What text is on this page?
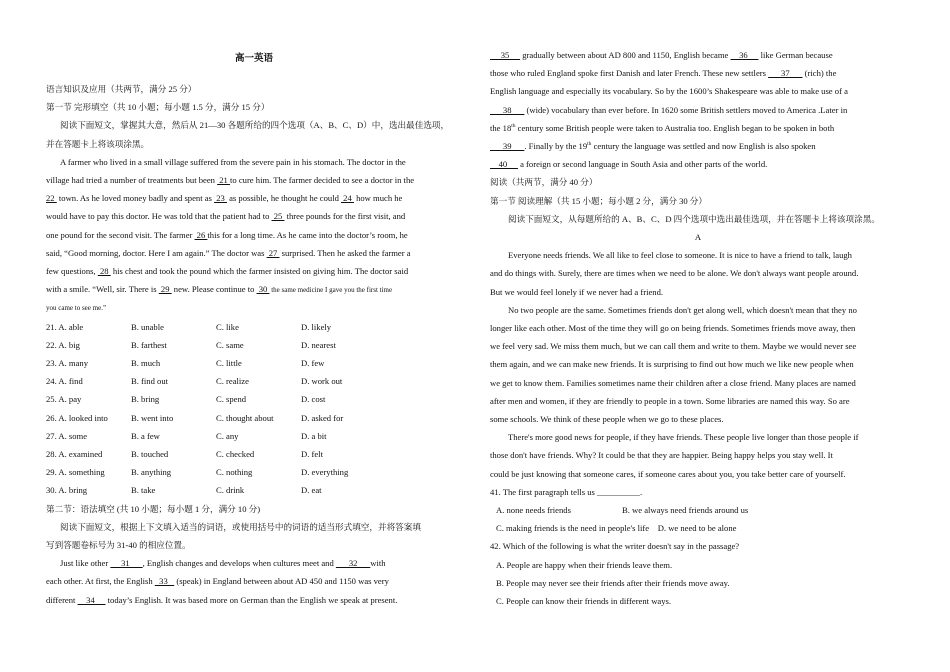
高一英语

语言知识及应用（共两节，满分 25 分）

第一节 完形填空（共 10 小题；每小题 1.5 分，满分 15 分）

阅读下面短文，掌握其大意，然后从 21—30 各题所给的四个选项（A、B、C、D）中，选出最佳选项，

并在答题卡上将该项涂黑。

A farmer who lived in a small village suffered from the severe pain in his stomach. The doctor in the

village had tried a number of treatments but been  21 to cure him. The farmer decided to see a doctor in the

22  town. As he loved money badly and spent as  23  as possible, he thought he could  24  how much he

would have to pay this doctor. He was told that the patient had to  25  three pounds for the first visit, and

one pound for the second visit. The farmer  26 this for a long time. As he came into the doctor’s room, he

said, “Good morning, doctor. Here I am again.” The doctor was  27  surprised. Then he asked the farmer a

few questions,  28  his chest and took the pound which the farmer insisted on giving him. The doctor said

with a smile. “Well, sir. There is  29  new. Please continue to  30  the same medicine I gave you the first time

you came to see me.”

21. A. able	B. unable	C. like	D. likely
22. A. big	B. farthest	C. same	D. nearest
23. A. many	B. much	C. little	D. few
24. A. find	B. find out	C. realize	D. work out
25. A. pay	B. bring	C. spend	D. cost
26. A. looked into	B. went into	C. thought about	D. asked for
27. A. some	B. a few	C. any	D. a bit
28. A. examined	B. touched	C. checked	D. felt
29. A. something	B. anything	C. nothing	D. everything
30. A. bring	B. take	C. drink	D. eat

第二节：语法填空 (共 10 小题；每小题 1 分，满分 10 分)

阅读下面短文，根据上下文填入适当的词语，或使用括号中的词语的适当形式填空，并将答案填

写到答题卷标号为 31-40 的相应位置。

Just like other      31      , English changes and develops when cultures meet and       32      with

each other. At first, the English   33    (speak) in England between about AD 450 and 1150 was very

different     34      today’s English. It was based more on German than the English we speak at present.

35      gradually between about AD 800 and 1150, English became     36      like German because

those who ruled England spoke first Danish and later French. These new settlers       37       (rich) the

English language and especially its vocabulary. So by the 1600’s Shakespeare was able to make use of a

38       (wide) vocabulary than ever before. In 1620 some British settlers moved to America .Later in

the 18th century some British people were taken to Australia too. English began to be spoken in both

39      . Finally by the 19th century the language was settled and now English is also spoken

40      a foreign or second language in South Asia and other parts of the world.

阅读（共两节，满分 40 分）

第一节 阅读理解（共 15 小题；每小题 2 分，满分 30 分）

阅读下面短文，从每题所给的 A、B、C、D 四个选项中选出最佳选项，并在答题卡上将该项涂黑。

A

Everyone needs friends. We all like to feel close to someone. It is nice to have a friend to talk, laugh

and do things with. Surely, there are times when we need to be alone. We don't always want people around.

But we would feel lonely if we never had a friend.

No two people are the same. Sometimes friends don't get along well, which doesn't mean that they no

longer like each other. Most of the time they will go on being friends. Sometimes friends move away, then

we feel very sad. We miss them much, but we can call them and write to them. Maybe we would never see

them again, and we can make new friends. It is surprising to find out how much we like new people when

we get to know them. Families sometimes name their children after a close friend. Many places are named

after men and women, if they are friendly to people in a town. Some libraries are named this way. So are

some schools. We think of these people when we go to these places.

There's more good news for people, if they have friends. These people live longer than those people if

those don't have friends. Why? It could be that they are happier. Being happy helps you stay well. It

could be just knowing that someone cares, if someone cares about you, you take better care of yourself.

41. The first paragraph tells us __________.

A. none needs friends	B. we always need friends around us

C. making friends is the need in people's life D. we need to be alone

42. Which of the following is what the writer doesn't say in the passage?

A. People are happy when their friends leave them.

B. People may never see their friends after their friends move away.

C. People can know their friends in different ways.
